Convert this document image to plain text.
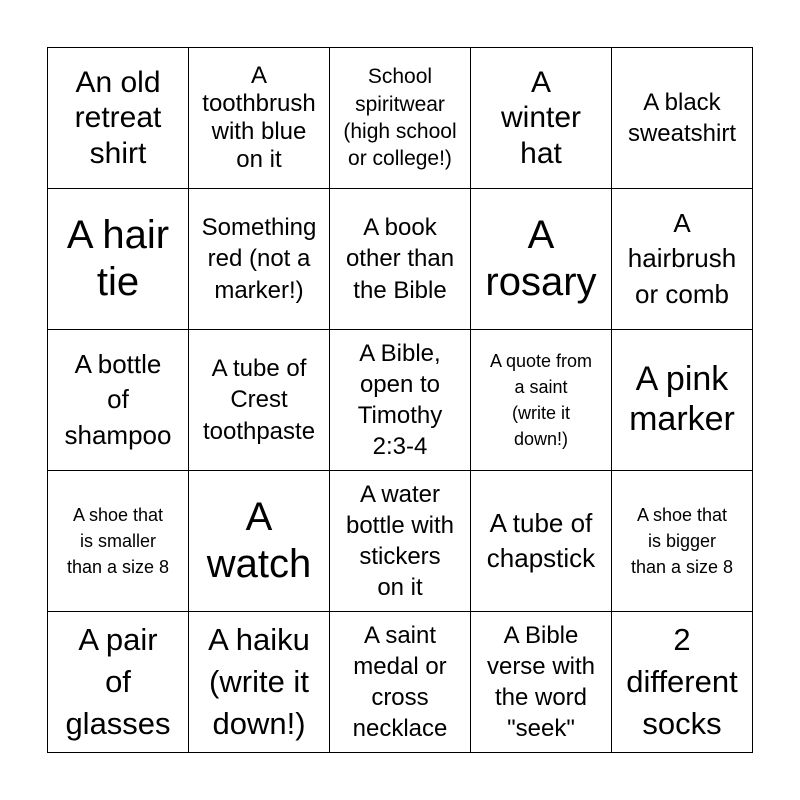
An old
retreat
shirt
A
toothbrush
with blue
on it
School
spiritwear
(high school
or college!)
A
winter
hat
A black
sweatshirt
A hair
tie
Something
red (not a
marker!)
A book
other than
the Bible
A
rosary
A
hairbrush
or comb
A bottle
of
shampoo
A tube of
Crest
toothpaste
A Bible,
open to
Timothy
2:3-4
A quote from
a saint
(write it
down!)
A pink
marker
A shoe that
is smaller
than a size 8
A
watch
A water
bottle with
stickers
on it
A tube of
chapstick
A shoe that
is bigger
than a size 8
A pair
of
glasses
A haiku
(write it
down!)
A saint
medal or
cross
necklace
A Bible
verse with
the word
"seek"
2
different
socks
